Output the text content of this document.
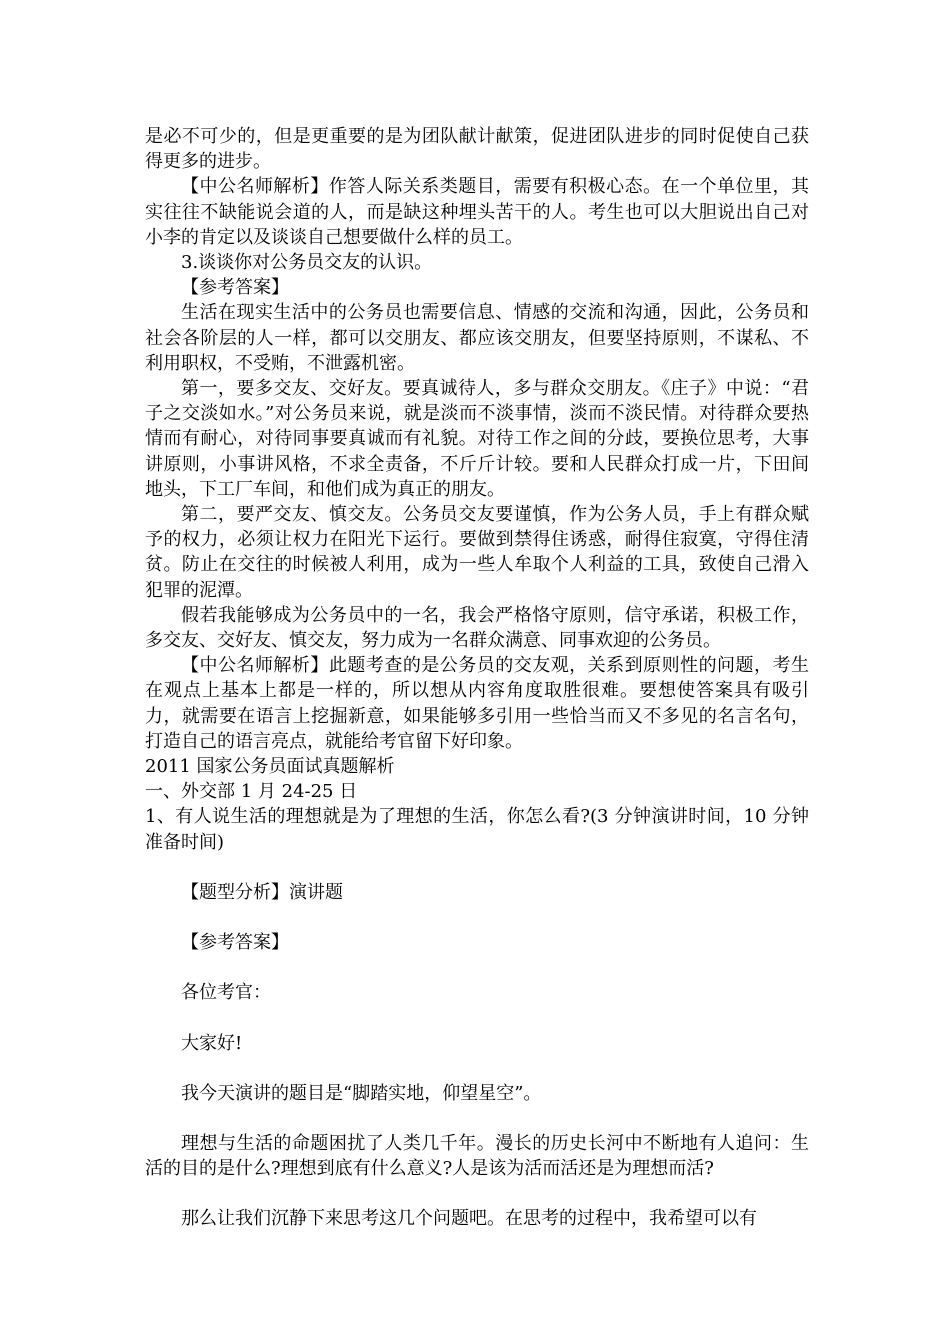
是必不可少的，但是更重要的是为团队献计献策，促进团队进步的同时促使自己获得更多的进步。

【中公名师解析】作答人际关系类题目，需要有积极心态。在一个单位里，其实往往不缺能说会道的人，而是缺这种埋头苦干的人。考生也可以大胆说出自己对小李的肯定以及谈谈自己想要做什么样的员工。

3.谈谈你对公务员交友的认识。

【参考答案】

生活在现实生活中的公务员也需要信息、情感的交流和沟通，因此，公务员和社会各阶层的人一样，都可以交朋友、都应该交朋友，但要坚持原则，不谋私、不利用职权，不受贿，不泄露机密。

第一，要多交友、交好友。要真诚待人，多与群众交朋友。《庄子》中说：“君子之交淡如水。”对公务员来说，就是淡而不淡事情，淡而不淡民情。对待群众要热情而有耐心，对待同事要真诚而有礼貌。对待工作之间的分歧，要换位思考，大事讲原则，小事讲风格，不求全责备，不斤斤计较。要和人民群众打成一片，下田间地头，下工厂车间，和他们成为真正的朋友。

第二，要严交友、慎交友。公务员交友要谨慎，作为公务人员，手上有群众赋予的权力，必须让权力在阳光下运行。要做到禁得住诱惑，耐得住寂寞，守得住清贫。防止在交往的时候被人利用，成为一些人牟取个人利益的工具，致使自己滑入犯罪的泥潭。

假若我能够成为公务员中的一名，我会严格恪守原则，信守承诺，积极工作，多交友、交好友、慎交友，努力成为一名群众满意、同事欢迎的公务员。

【中公名师解析】此题考查的是公务员的交友观，关系到原则性的问题，考生在观点上基本上都是一样的，所以想从内容角度取胜很难。要想使答案具有吸引力，就需要在语言上挖掘新意，如果能够多引用一些恰当而又不多见的名言名句，打造自己的语言亮点，就能给考官留下好印象。

2011 国家公务员面试真题解析

一、外交部 1 月 24-25 日

1、有人说生活的理想就是为了理想的生活，你怎么看?(3 分钟演讲时间，10 分钟准备时间)

【题型分析】演讲题

【参考答案】

各位考官：

大家好!

我今天演讲的题目是“脚踏实地，仰望星空”。

理想与生活的命题困扰了人类几千年。漫长的历史长河中不断地有人追问：生活的目的是什么?理想到底有什么意义?人是该为活而活还是为理想而活?

那么让我们沉静下来思考这几个问题吧。在思考的过程中，我希望可以有
